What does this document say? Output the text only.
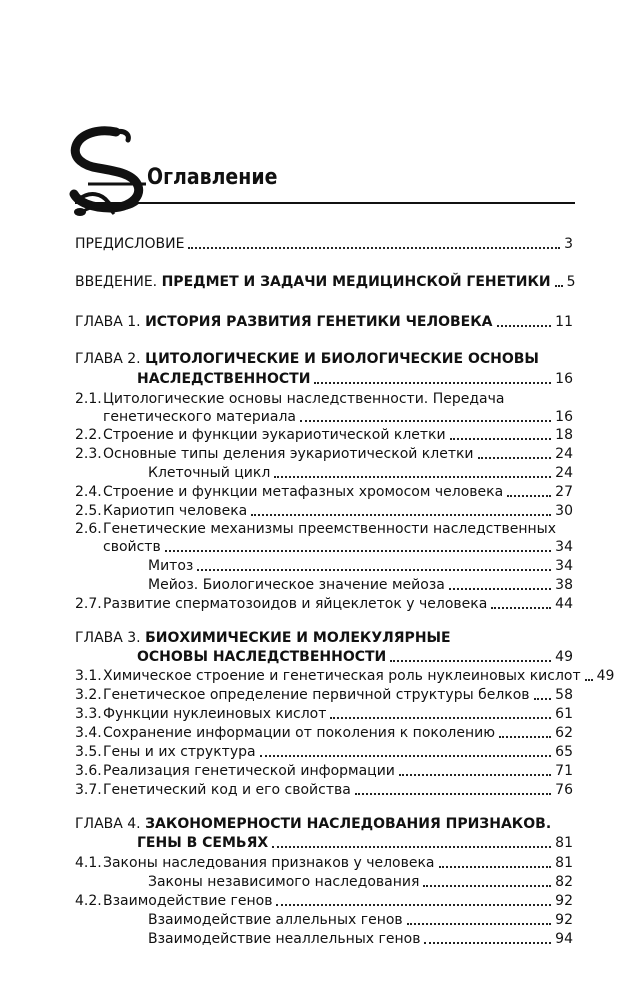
Оглавление
ПРЕДИСЛОВИЕ	3
ВВЕДЕНИЕ. ПРЕДМЕТ И ЗАДАЧИ МЕДИЦИНСКОЙ ГЕНЕТИКИ 5
ГЛАВА 1. ИСТОРИЯ РАЗВИТИЯ ГЕНЕТИКИ ЧЕЛОВЕКА	11
ГЛАВА 2. ЦИТОЛОГИЧЕСКИЕ И БИОЛОГИЧЕСКИЕ ОСНОВЫ
НАСЛЕДСТВЕННОСТИ	16
2.1. Цитологические основы наследственности. Передача
генетического материала	16
2.2. Строение и функции эукариотической клетки	18
2.3. Основные типы деления эукариотической клетки	24
Клеточный цикл	24
2.4. Строение и функции метафазных хромосом человека	27
2.5. Кариотип человека	30
2.6. Генетические механизмы преемственности наследственных
свойств	34
Митоз	34
Мейоз. Биологическое значение мейоза	38
2.7. Развитие сперматозоидов и яйцеклеток у человека	44
ГЛАВА 3. БИОХИМИЧЕСКИЕ И МОЛЕКУЛЯРНЫЕ
ОСНОВЫ НАСЛЕДСТВЕННОСТИ	49
3.1. Химическое строение и генетическая роль нуклеиновых кислот 49
3.2. Генетическое определение первичной структуры белков 58
3.3. Функции нуклеиновых кислот	61
3.4. Сохранение информации от поколения к поколению	62
3.5. Гены и их структура	65
3.6. Реализация генетической информации	71
3.7. Генетический код и его свойства	76
ГЛАВА 4. ЗАКОНОМЕРНОСТИ НАСЛЕДОВАНИЯ ПРИЗНАКОВ.
ГЕНЫ В СЕМЬЯХ	81
4.1. Законы наследования признаков у человека	81
Законы независимого наследования	82
4.2. Взаимодействие генов	92
Взаимодействие аллельных генов	92
Взаимодействие неаллельных генов	94
